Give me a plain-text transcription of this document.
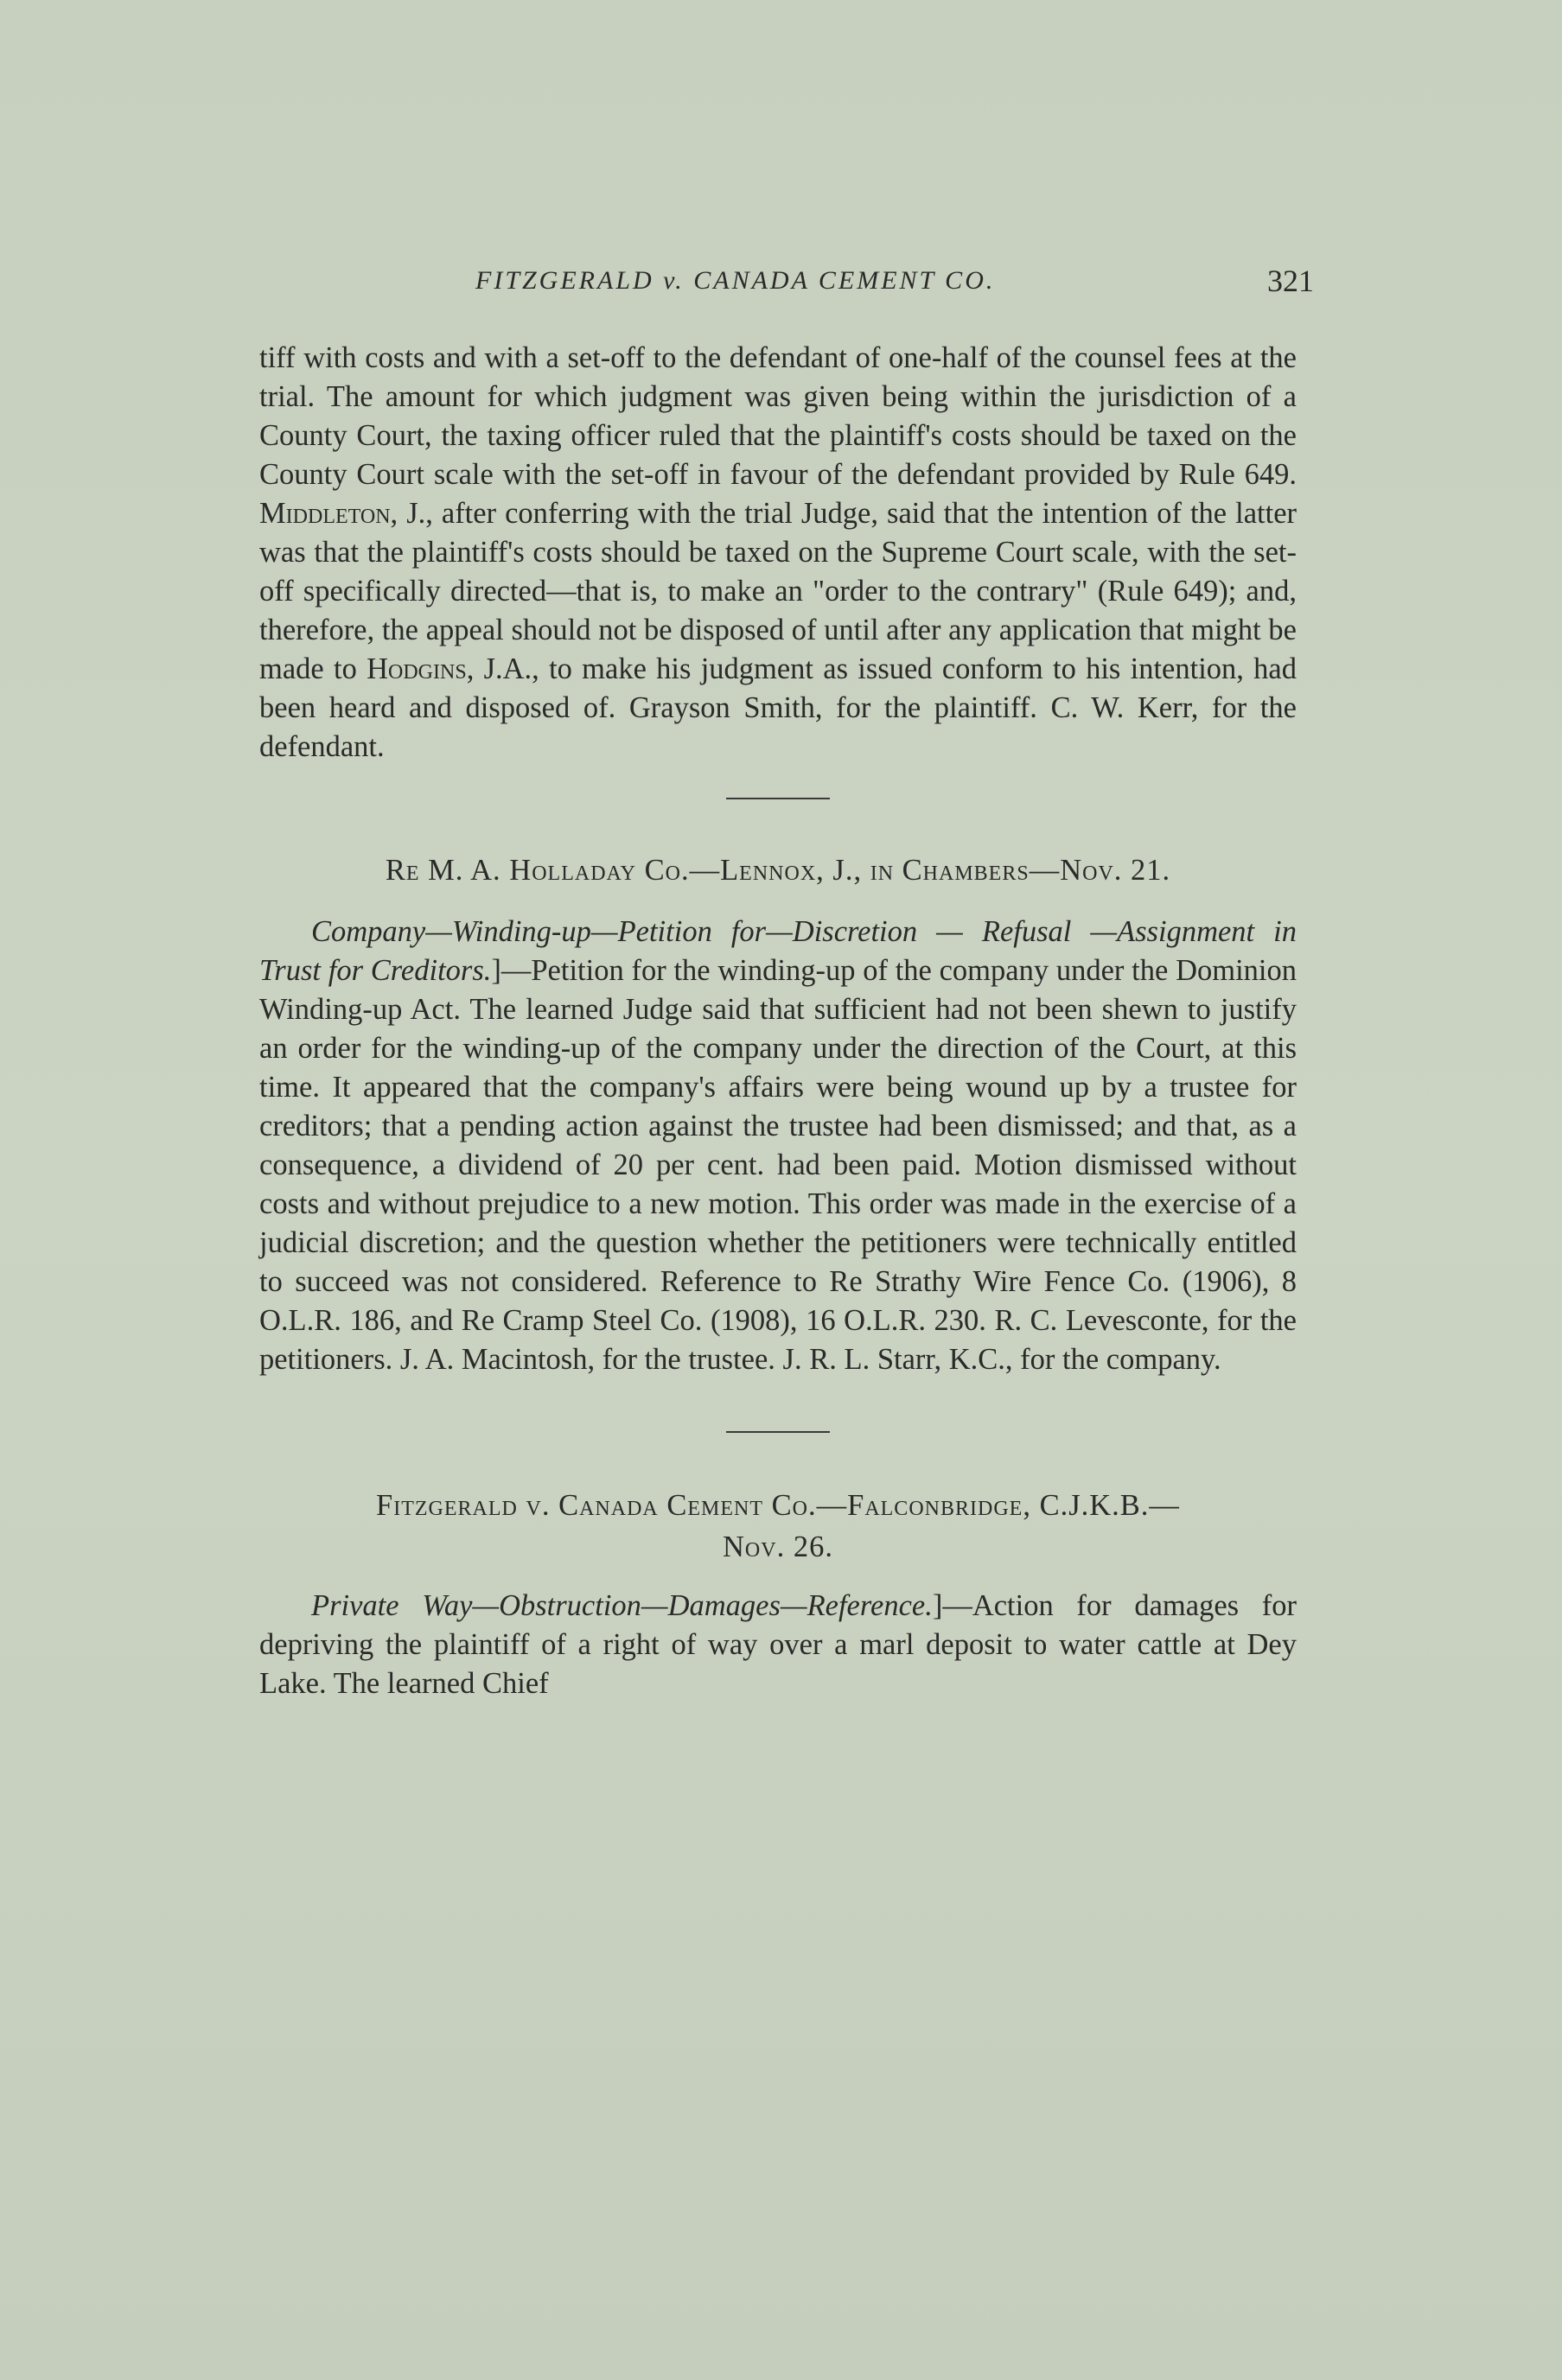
FITZGERALD v. CANADA CEMENT CO.	321

tiff with costs and with a set-off to the defendant of one-half of the counsel fees at the trial. The amount for which judgment was given being within the jurisdiction of a County Court, the taxing officer ruled that the plaintiff's costs should be taxed on the County Court scale with the set-off in favour of the defendant provided by Rule 649. Middleton, J., after conferring with the trial Judge, said that the intention of the latter was that the plaintiff's costs should be taxed on the Supreme Court scale, with the set-off specifically directed—that is, to make an "order to the contrary" (Rule 649); and, therefore, the appeal should not be disposed of until after any application that might be made to Hodgins, J.A., to make his judgment as issued conform to his intention, had been heard and disposed of. Grayson Smith, for the plaintiff. C. W. Kerr, for the defendant.

Re M. A. Holladay Co.—Lennox, J., in Chambers—Nov. 21.

Company—Winding-up—Petition for—Discretion — Refusal —Assignment in Trust for Creditors.]—Petition for the winding-up of the company under the Dominion Winding-up Act. The learned Judge said that sufficient had not been shewn to justify an order for the winding-up of the company under the direction of the Court, at this time. It appeared that the company's affairs were being wound up by a trustee for creditors; that a pending action against the trustee had been dismissed; and that, as a consequence, a dividend of 20 per cent. had been paid. Motion dismissed without costs and without prejudice to a new motion. This order was made in the exercise of a judicial discretion; and the question whether the petitioners were technically entitled to succeed was not considered. Reference to Re Strathy Wire Fence Co. (1906), 8 O.L.R. 186, and Re Cramp Steel Co. (1908), 16 O.L.R. 230. R. C. Levesconte, for the petitioners. J. A. Macintosh, for the trustee. J. R. L. Starr, K.C., for the company.

Fitzgerald v. Canada Cement Co.—Falconbridge, C.J.K.B.—
Nov. 26.

Private Way—Obstruction—Damages—Reference.]—Action for damages for depriving the plaintiff of a right of way over a marl deposit to water cattle at Dey Lake. The learned Chief
